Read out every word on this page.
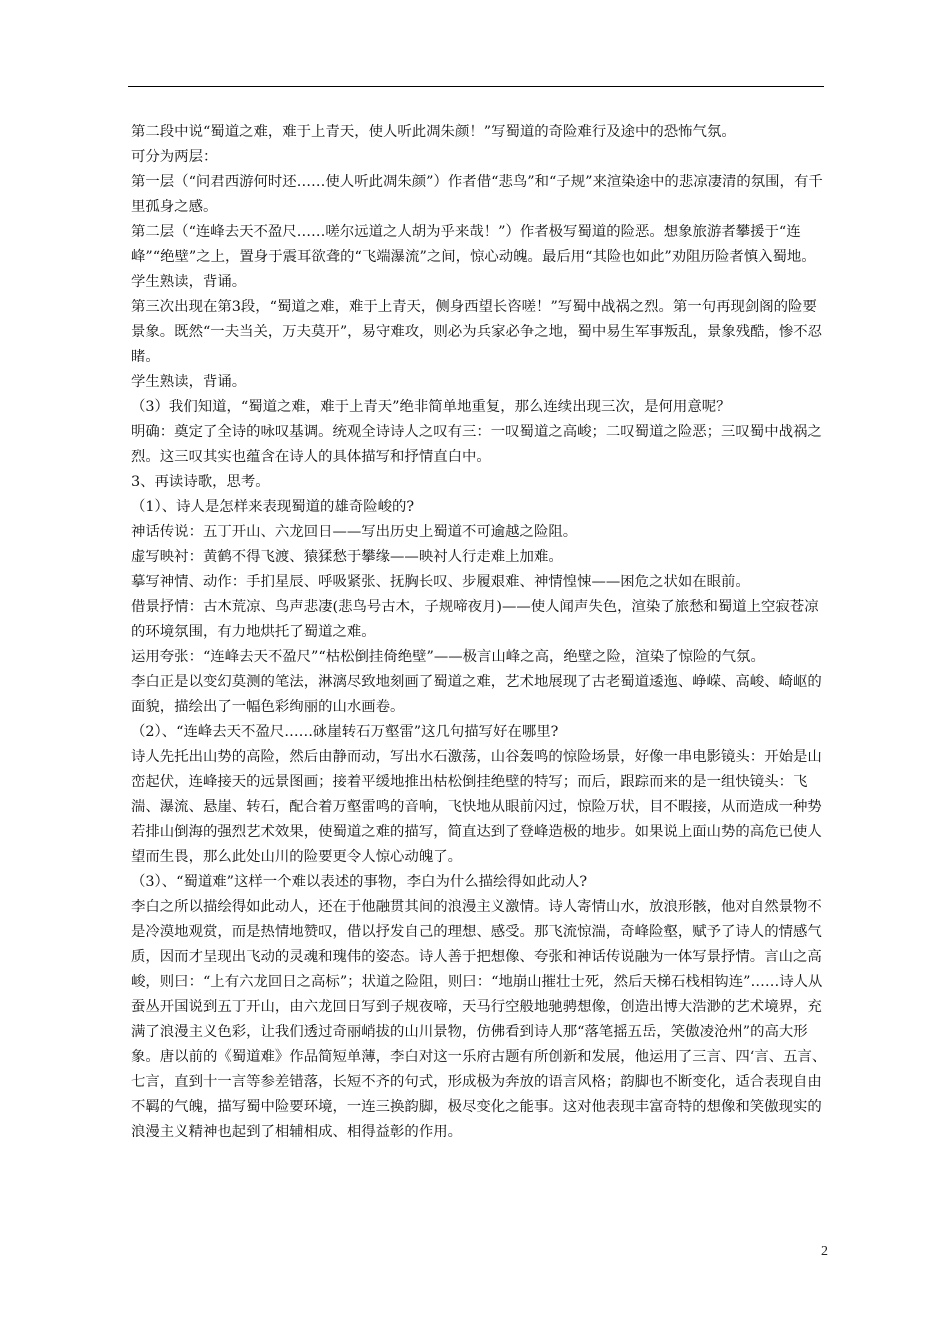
第二段中说“蜀道之难，难于上青天，使人听此凋朱颜！”写蜀道的奇险难行及途中的恐怖气氛。

可分为两层：

第一层（“问君西游何时还……使人听此凋朱颜”）作者借“悲鸟”和“子规”来渲染途中的悲凉凄清的氛围，有千里孤身之感。

第二层（“连峰去天不盈尺……嗟尔远道之人胡为乎来哉！”）作者极写蜀道的险恶。想象旅游者攀援于“连峰”“绝壁”之上，置身于震耳欲聋的“飞端瀑流”之间，惊心动魄。最后用“其险也如此”劝阻历险者慎入蜀地。

学生熟读，背诵。

第三次出现在第3段，“蜀道之难，难于上青天，侧身西望长咨嗟！”写蜀中战祸之烈。第一句再现剑阁的险要景象。既然“一夫当关，万夫莫开”，易守难攻，则必为兵家必争之地，蜀中易生军事叛乱，景象残酷，惨不忍睹。

学生熟读，背诵。

（3）我们知道，“蜀道之难，难于上青天”绝非简单地重复，那么连续出现三次，是何用意呢？

明确：奠定了全诗的咏叹基调。统观全诗诗人之叹有三：一叹蜀道之高峻；二叹蜀道之险恶；三叹蜀中战祸之烈。这三叹其实也蕴含在诗人的具体描写和抒情直白中。

3、再读诗歌，思考。

（1）、诗人是怎样来表现蜀道的雄奇险峻的?

神话传说：五丁开山、六龙回日——写出历史上蜀道不可逾越之险阻。

虚写映衬：黄鹤不得飞渡、猿猱愁于攀缘——映衬人行走难上加难。

摹写神情、动作：手扪星辰、呼吸紧张、抚胸长叹、步履艰难、神情惶悚——困危之状如在眼前。

借景抒情：古木荒凉、鸟声悲凄(悲鸟号古木，子规啼夜月)——使人闻声失色，渲染了旅愁和蜀道上空寂苍凉的环境氛围，有力地烘托了蜀道之难。

运用夸张：“连峰去天不盈尺”“枯松倒挂倚绝壁”——极言山峰之高，绝壁之险，渲染了惊险的气氛。

李白正是以变幻莫测的笔法，淋漓尽致地刻画了蜀道之难，艺术地展现了古老蜀道逶迤、峥嵘、高峻、崎岖的面貌，描绘出了一幅色彩绚丽的山水画卷。

（2）、“连峰去天不盈尺……砯崖转石万壑雷”这几句描写好在哪里?

诗人先托出山势的高险，然后由静而动，写出水石激荡，山谷轰鸣的惊险场景，好像一串电影镜头：开始是山峦起伏，连峰接天的远景图画；接着平缓地推出枯松倒挂绝壁的特写；而后，跟踪而来的是一组快镜头：飞湍、瀑流、悬崖、转石，配合着万壑雷鸣的音响，飞快地从眼前闪过，惊险万状，目不暇接，从而造成一种势若排山倒海的强烈艺术效果，使蜀道之难的描写，简直达到了登峰造极的地步。如果说上面山势的高危已使人望而生畏，那么此处山川的险要更令人惊心动魄了。

（3）、“蜀道难”这样一个难以表述的事物，李白为什么描绘得如此动人?

李白之所以描绘得如此动人，还在于他融贯其间的浪漫主义激情。诗人寄情山水，放浪形骸，他对自然景物不是冷漠地观赏，而是热情地赞叹，借以抒发自己的理想、感受。那飞流惊湍，奇峰险壑，赋予了诗人的情感气质，因而才呈现出飞动的灵魂和瑰伟的姿态。诗人善于把想像、夸张和神话传说融为一体写景抒情。言山之高峻，则曰：“上有六龙回日之高标”；状道之险阻，则曰：“地崩山摧壮士死，然后天梯石栈相钩连”……诗人从蚕丛开国说到五丁开山，由六龙回日写到子规夜啼，天马行空般地驰骋想像，创造出博大浩渺的艺术境界，充满了浪漫主义色彩，让我们透过奇丽峭拔的山川景物，仿佛看到诗人那“落笔摇五岳，笑傲凌沧州”的高大形象。唐以前的《蜀道难》作品简短单薄，李白对这一乐府古题有所创新和发展，他运用了三言、四‘言、五言、七言，直到十一言等参差错落，长短不齐的句式，形成极为奔放的语言风格；韵脚也不断变化，适合表现自由不羁的气魄，描写蜀中险要环境，一连三换韵脚，极尽变化之能事。这对他表现丰富奇特的想像和笑傲现实的浪漫主义精神也起到了相辅相成、相得益彰的作用。

2
